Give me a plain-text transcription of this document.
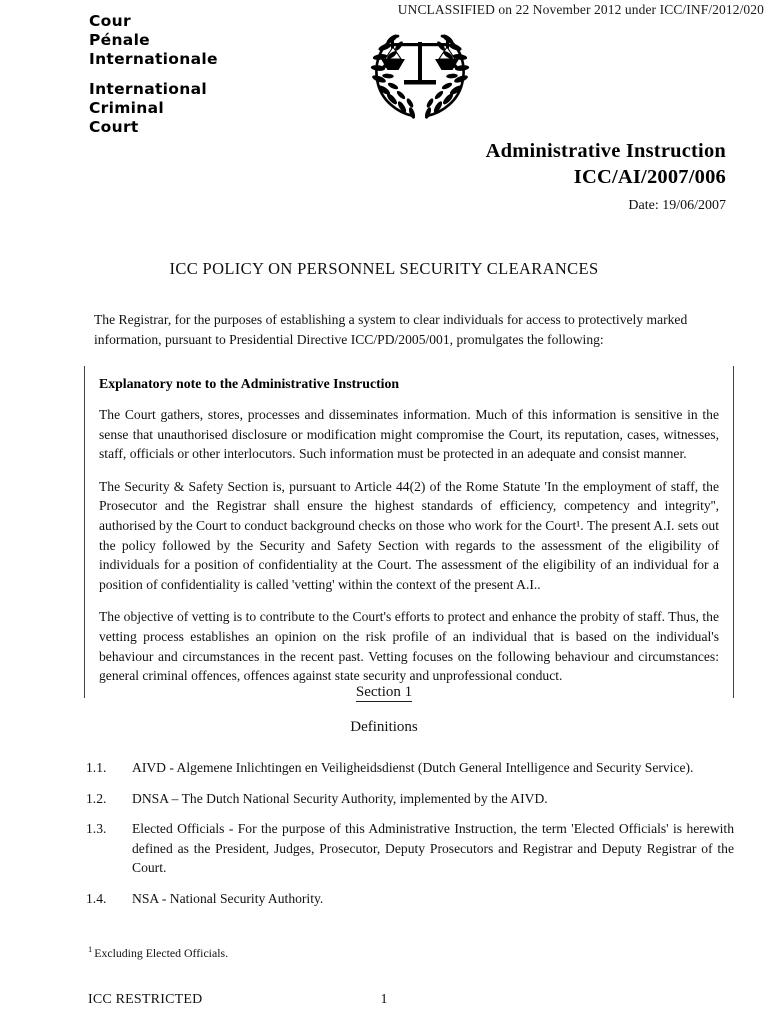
UNCLASSIFIED on 22 November 2012 under ICC/INF/2012/020
Cour
Pénale
Internationale
International
Criminal
Court
Administrative Instruction
ICC/AI/2007/006
Date: 19/06/2007
ICC POLICY ON PERSONNEL SECURITY CLEARANCES
The Registrar, for the purposes of establishing a system to clear individuals for access to protectively marked information, pursuant to Presidential Directive ICC/PD/2005/001, promulgates the following:
Explanatory note to the Administrative Instruction
The Court gathers, stores, processes and disseminates information. Much of this information is sensitive in the sense that unauthorised disclosure or modification might compromise the Court, its reputation, cases, witnesses, staff, officials or other interlocutors. Such information must be protected in an adequate and consist manner.
The Security & Safety Section is, pursuant to Article 44(2) of the Rome Statute 'In the employment of staff, the Prosecutor and the Registrar shall ensure the highest standards of efficiency, competency and integrity'', authorised by the Court to conduct background checks on those who work for the Court¹. The present A.I. sets out the policy followed by the Security and Safety Section with regards to the assessment of the eligibility of individuals for a position of confidentiality at the Court. The assessment of the eligibility of an individual for a position of confidentiality is called 'vetting' within the context of the present A.I..
The objective of vetting is to contribute to the Court's efforts to protect and enhance the probity of staff. Thus, the vetting process establishes an opinion on the risk profile of an individual that is based on the individual's behaviour and circumstances in the recent past. Vetting focuses on the following behaviour and circumstances: general criminal offences, offences against state security and unprofessional conduct.
Section 1
Definitions
1.1.	AIVD - Algemene Inlichtingen en Veiligheidsdienst (Dutch General Intelligence and Security Service).
1.2.	DNSA – The Dutch National Security Authority, implemented by the AIVD.
1.3.	Elected Officials - For the purpose of this Administrative Instruction, the term 'Elected Officials' is herewith defined as the President, Judges, Prosecutor, Deputy Prosecutors and Registrar and Deputy Registrar of the Court.
1.4.	NSA - National Security Authority.
$^1$ Excluding Elected Officials.
ICC RESTRICTED	1
